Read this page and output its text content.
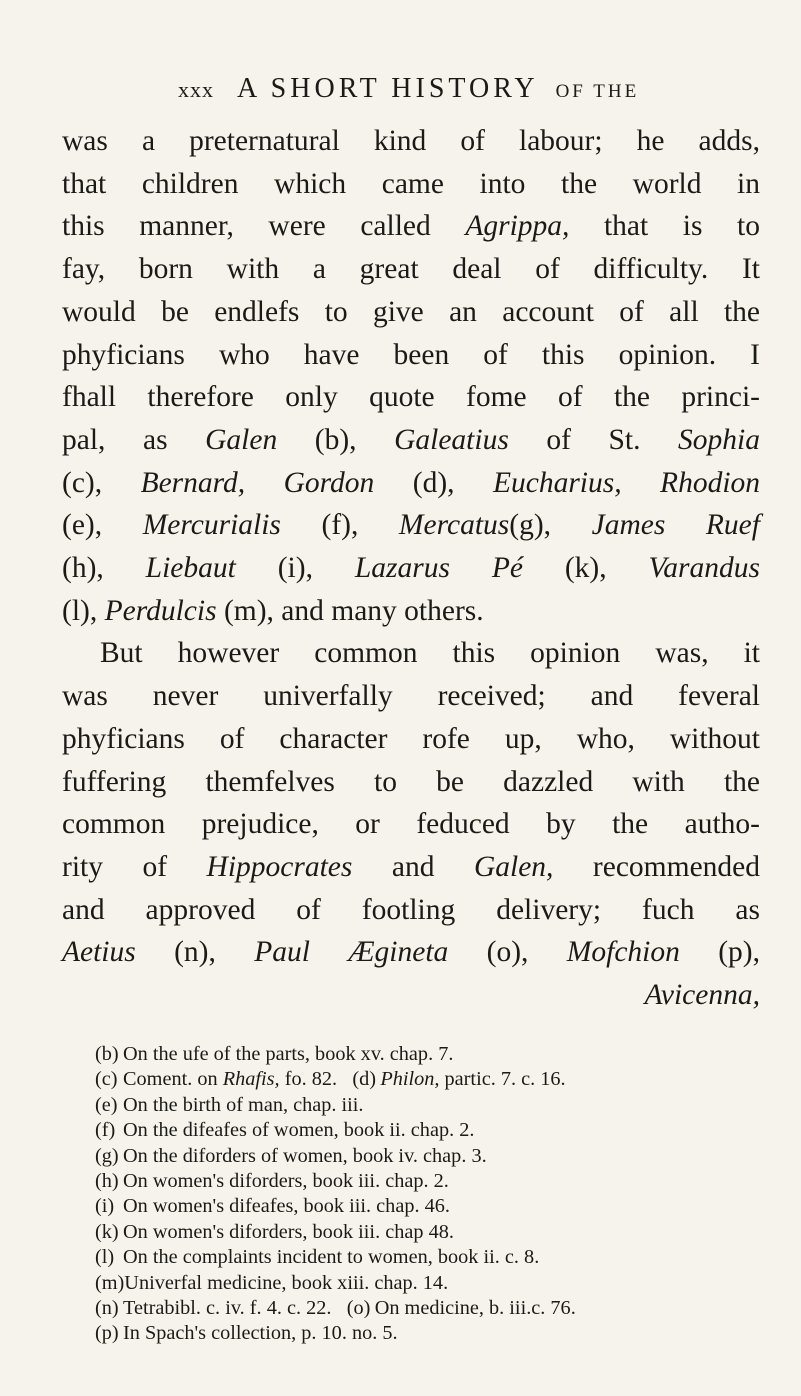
xxx A SHORT HISTORY OF THE
was a preternatural kind of labour; he adds,
that children which came into the world in
this manner, were called Agrippa, that is to
fay, born with a great deal of difficulty. It
would be endlefs to give an account of all the
phyficians who have been of this opinion. I
fhall therefore only quote fome of the princi-
pal, as Galen (b), Galeatius of St. Sophia
(c), Bernard, Gordon (d), Eucharius, Rhodion
(e), Mercurialis (f), Mercatus(g), James Ruef
(h), Liebaut (i), Lazarus Pé (k), Varandus
(l), Perdulcis (m), and many others.
But however common this opinion was, it
was never univerfally received; and feveral
phyficians of character rofe up, who, without
fuffering themfelves to be dazzled with the
common prejudice, or feduced by the autho-
rity of Hippocrates and Galen, recommended
and approved of footling delivery; fuch as
Aetius (n), Paul Ægineta (o), Mofchion (p),
Avicenna,
(b) On the ufe of the parts, book xv. chap. 7.
(c) Coment. on Rhafis, fo. 82. (d) Philon, partic. 7. c. 16.
(e) On the birth of man, chap. iii.
(f) On the difeafes of women, book ii. chap. 2.
(g) On the diforders of women, book iv. chap. 3.
(h) On women's diforders, book iii. chap. 2.
(i) On women's difeafes, book iii. chap. 46.
(k) On women's diforders, book iii. chap 48.
(l) On the complaints incident to women, book ii. c. 8.
(m)Univerfal medicine, book xiii. chap. 14.
(n) Tetrabibl. c. iv. f. 4. c. 22. (o) On medicine, b. iii.c. 76.
(p) In Spach's collection, p. 10. no. 5.
